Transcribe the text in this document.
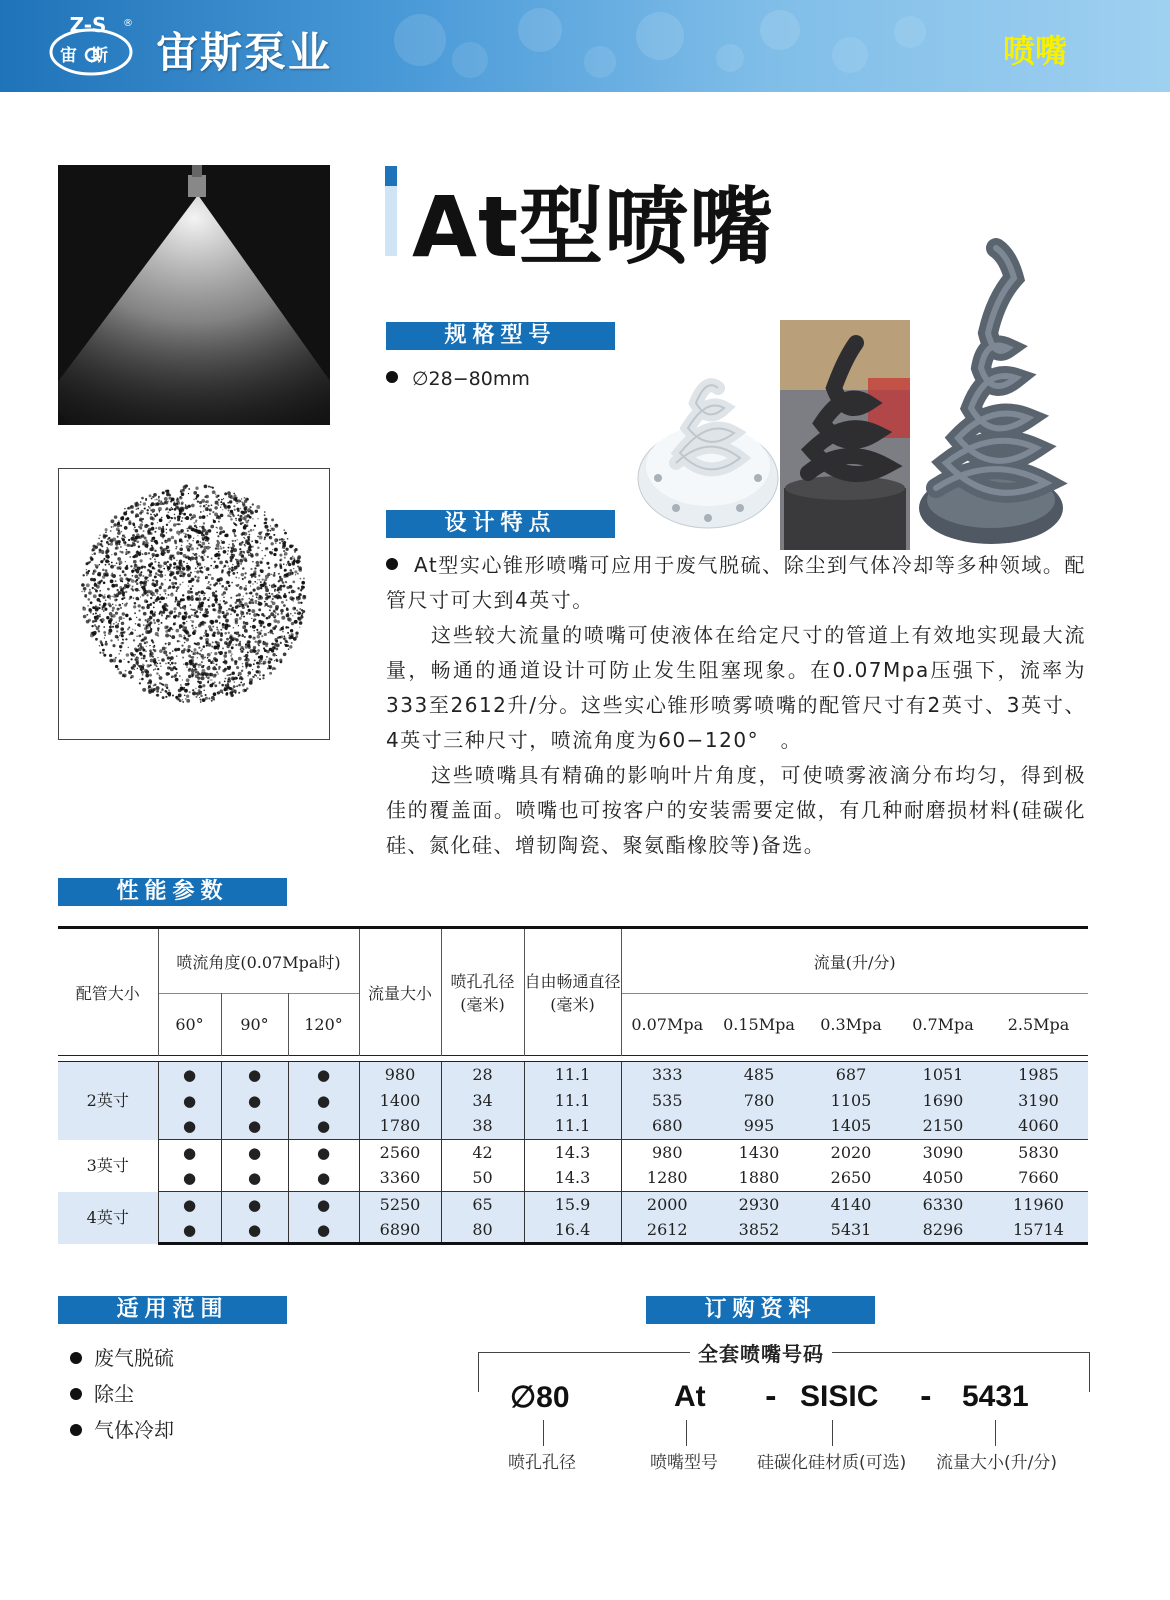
Z-S ®
宙斯 宙斯泵业	喷嘴
At型喷嘴
规格型号
∅28−80mm
设计特点

At型实心锥形喷嘴可应用于废气脱硫、除尘到气体冷却等多种领域。配管尺寸可大到4英寸。

这些较大流量的喷嘴可使液体在给定尺寸的管道上有效地实现最大流量，畅通的通道设计可防止发生阻塞现象。在0.07Mpa压强下，流率为333至2612升/分。这些实心锥形喷雾喷嘴的配管尺寸有2英寸、3英寸、4英寸三种尺寸，喷流角度为60−120°　。

这些喷嘴具有精确的影响叶片角度，可使喷雾液滴分布均匀，得到极佳的覆盖面。喷嘴也可按客户的安装需要定做，有几种耐磨损材料(硅碳化硅、氮化硅、增韧陶瓷、聚氨酯橡胶等)备选。

性能参数
配管大小	喷流角度(0.07Mpa时)			流量大小	喷孔孔径(毫米)	自由畅通直径(毫米)	流量(升/分)				
	60°	90°	120°				0.07Mpa	0.15Mpa	0.3Mpa	0.7Mpa	2.5Mpa

2英寸	●	●	●	980	28	11.1	333	485	687	1051	1985
	●	●	●	1400	34	11.1	535	780	1105	1690	3190
	●	●	●	1780	38	11.1	680	995	1405	2150	4060
3英寸	●	●	●	2560	42	14.3	980	1430	2020	3090	5830
	●	●	●	3360	50	14.3	1280	1880	2650	4050	7660
4英寸	●	●	●	5250	65	15.9	2000	2930	4140	6330	11960
	●	●	●	6890	80	16.4	2612	3852	5431	8296	15714
适用范围
废气脱硫
除尘
气体冷却
订购资料
全套喷嘴号码
∅80	At - SISIC - 5431
喷孔孔径	喷嘴型号 硅碳化硅材质(可选) 流量大小(升/分)
